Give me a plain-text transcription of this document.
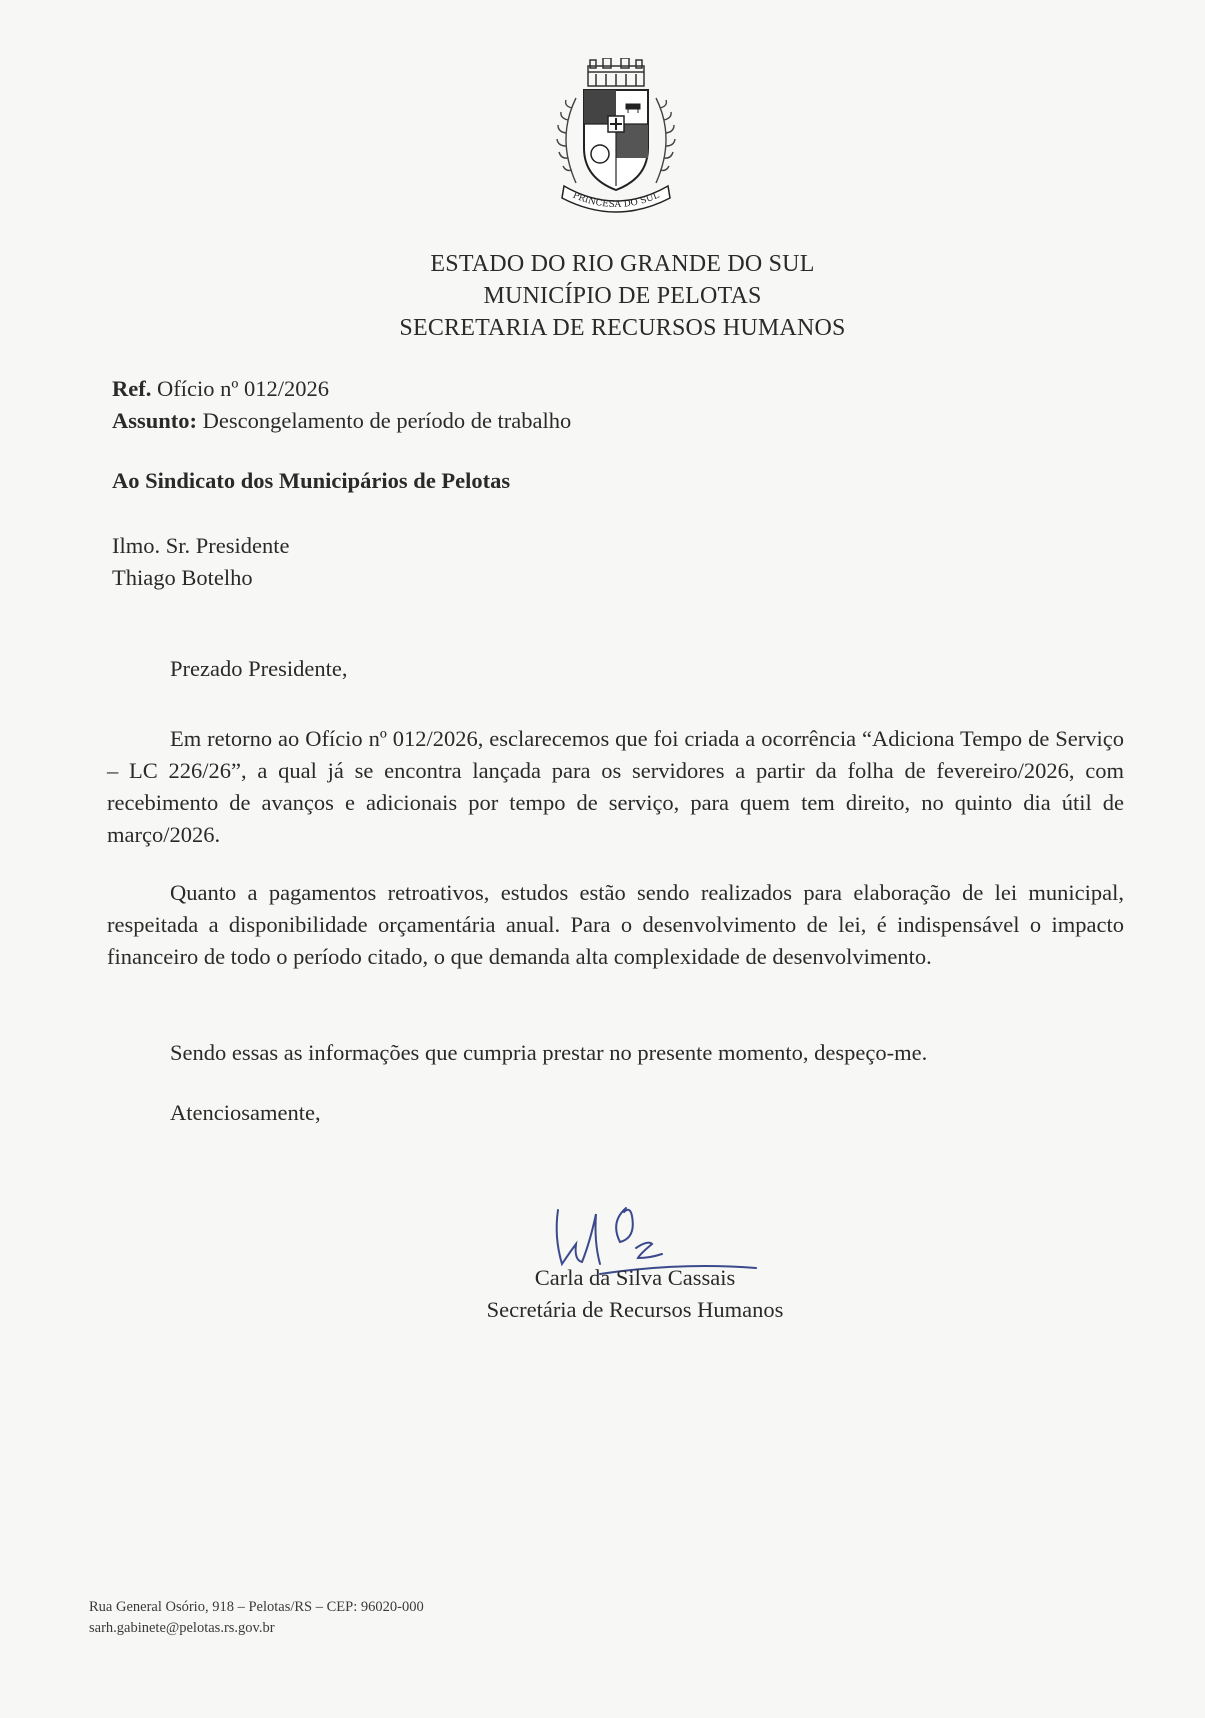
PRINCESA DO SUL
ESTADO DO RIO GRANDE DO SUL
MUNICÍPIO DE PELOTAS
SECRETARIA DE RECURSOS HUMANOS
Ref. Ofício nº 012/2026
Assunto: Descongelamento de período de trabalho
Ao Sindicato dos Municipários de Pelotas
Ilmo. Sr. Presidente
Thiago Botelho
Prezado Presidente,
Em retorno ao Ofício nº 012/2026, esclarecemos que foi criada a ocorrência “Adiciona Tempo de Serviço – LC 226/26”, a qual já se encontra lançada para os servidores a partir da folha de fevereiro/2026, com recebimento de avanços e adicionais por tempo de serviço, para quem tem direito, no quinto dia útil de março/2026.
Quanto a pagamentos retroativos, estudos estão sendo realizados para elaboração de lei municipal, respeitada a disponibilidade orçamentária anual. Para o desenvolvimento de lei, é indispensável o impacto financeiro de todo o período citado, o que demanda alta complexidade de desenvolvimento.
Sendo essas as informações que cumpria prestar no presente momento, despeço-me.
Atenciosamente,
Carla da Silva Cassais
Secretária de Recursos Humanos
Rua General Osório, 918 – Pelotas/RS – CEP: 96020-000
sarh.gabinete@pelotas.rs.gov.br
